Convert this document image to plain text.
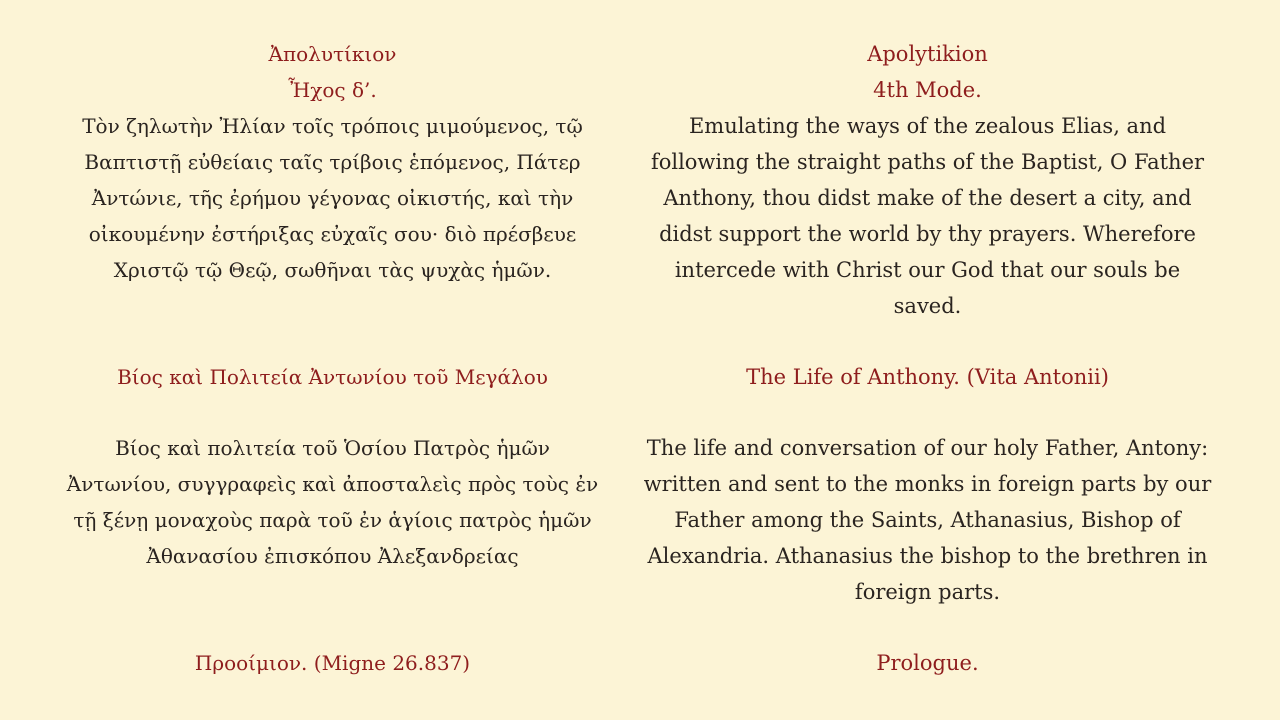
Ἀπολυτίκιον
Ἦχος δ’.
Τὸν ζηλωτὴν Ἠλίαν τοῖς τρόποις μιμούμενος, τῷ
Βαπτιστῇ εὐθείαις ταῖς τρίβοις ἑπόμενος, Πάτερ
Ἀντώνιε, τῆς ἐρήμου γέγονας οἰκιστής, καὶ τὴν
οἰκουμένην ἐστήριξας εὐχαῖς σου· διὸ πρέσβευε
Χριστῷ τῷ Θεῷ, σωθῆναι τὰς ψυχὰς ἡμῶν.
Βίος καὶ Πολιτεία Ἀντωνίου τοῦ Μεγάλου
Βίος καὶ πολιτεία τοῦ Ὁσίου Πατρὸς ἡμῶν
Ἀντωνίου, συγγραφεὶς καὶ ἀποσταλεὶς πρὸς τοὺς ἐν
τῇ ξένῃ μοναχοὺς παρὰ τοῦ ἐν ἁγίοις πατρὸς ἡμῶν
Ἀθανασίου ἐπισκόπου Ἀλεξανδρείας
Προοίμιον. (Migne 26.837)
Apolytikion
4th Mode.
Emulating the ways of the zealous Elias, and
following the straight paths of the Baptist, O Father
Anthony, thou didst make of the desert a city, and
didst support the world by thy prayers. Wherefore
intercede with Christ our God that our souls be
saved.
The Life of Anthony. (Vita Antonii)
The life and conversation of our holy Father, Antony:
written and sent to the monks in foreign parts by our
Father among the Saints, Athanasius, Bishop of
Alexandria. Athanasius the bishop to the brethren in
foreign parts.
Prologue.
